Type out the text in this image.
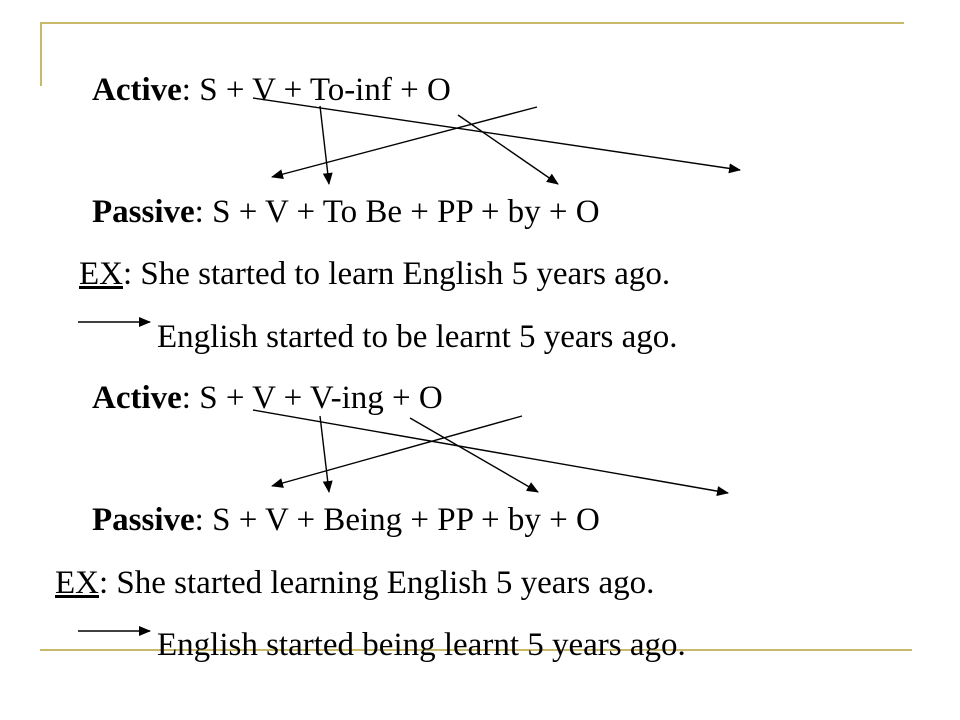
Active: S + V + To-inf + O
Passive: S + V + To Be + PP + by + O
EX: She started to learn English 5 years ago.
English started to be learnt 5 years ago.
Active: S + V + V-ing + O
Passive: S + V + Being + PP + by + O
EX: She started learning English 5 years ago.
English started being learnt 5 years ago.
